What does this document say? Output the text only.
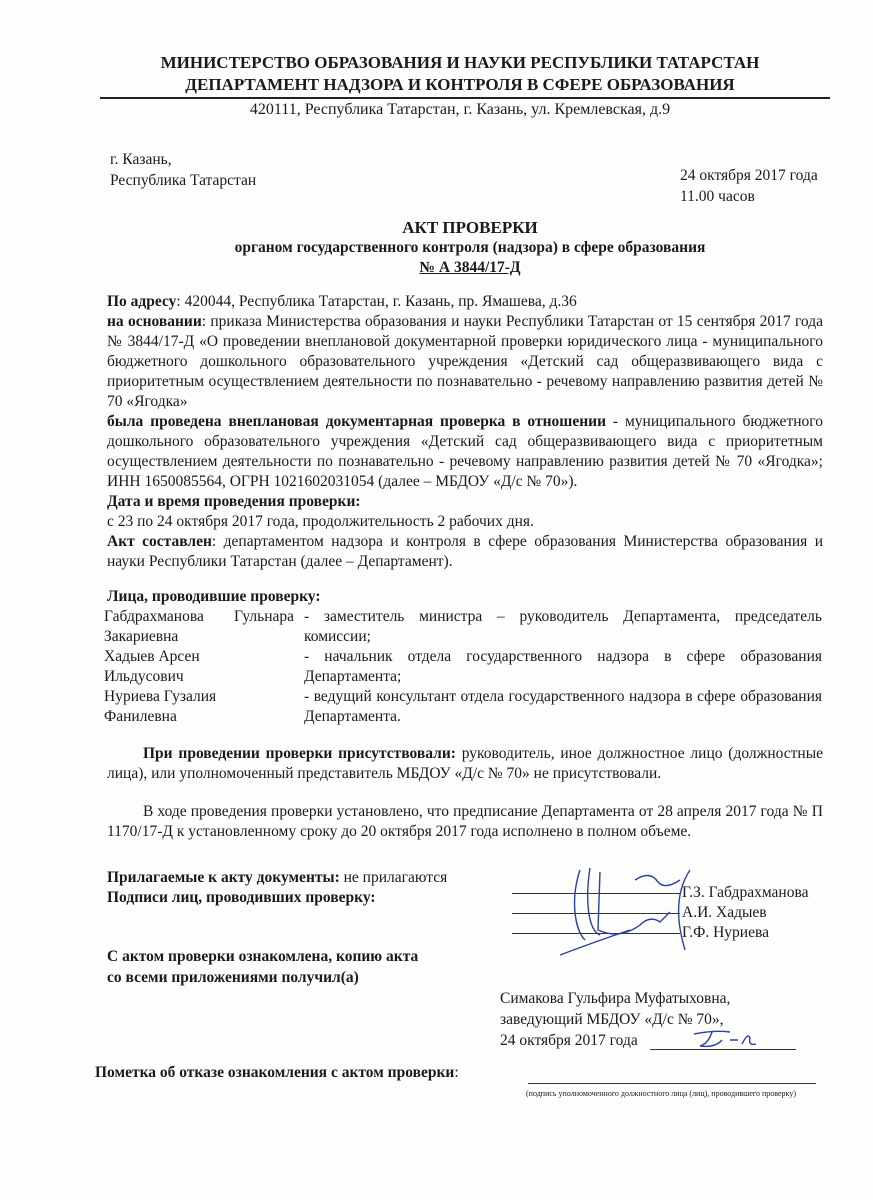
МИНИСТЕРСТВО ОБРАЗОВАНИЯ И НАУКИ РЕСПУБЛИКИ ТАТАРСТАН
ДЕПАРТАМЕНТ НАДЗОРА И КОНТРОЛЯ В СФЕРЕ ОБРАЗОВАНИЯ
420111, Республика Татарстан, г. Казань, ул. Кремлевская, д.9
г. Казань,
Республика Татарстан	24 октября 2017 года
11.00 часов
АКТ ПРОВЕРКИ
органом государственного контроля (надзора) в сфере образования
№ А 3844/17-Д
По адресу: 420044, Республика Татарстан, г. Казань, пр. Ямашева, д.36
на основании: приказа Министерства образования и науки Республики Татарстан от 15 сентября 2017 года № 3844/17-Д «О проведении внеплановой документарной проверки юридического лица - муниципального бюджетного дошкольного образовательного учреждения «Детский сад общеразвивающего вида с приоритетным осуществлением деятельности по познавательно - речевому направлению развития детей № 70 «Ягодка»
была проведена внеплановая документарная проверка в отношении - муниципального бюджетного дошкольного образовательного учреждения «Детский сад общеразвивающего вида с приоритетным осуществлением деятельности по познавательно - речевому направлению развития детей № 70 «Ягодка»; ИНН 1650085564, ОГРН 1021602031054 (далее – МБДОУ «Д/с № 70»).
Дата и время проведения проверки:
с 23 по 24 октября 2017 года, продолжительность 2 рабочих дня.
Акт составлен: департаментом надзора и контроля в сфере образования Министерства образования и науки Республики Татарстан (далее – Департамент).
Лица, проводившие проверку:
Габдрахманова Гульнара Закариевна
- заместитель министра – руководитель Департамента, председатель комиссии;
Хадыев Арсен Ильдусович
- начальник отдела государственного надзора в сфере образования Департамента;
Нуриева Гузалия Фанилевна
- ведущий консультант отдела государственного надзора в сфере образования Департамента.
При проведении проверки присутствовали: руководитель, иное должностное лицо (должностные лица), или уполномоченный представитель МБДОУ «Д/с № 70» не присутствовали.
В ходе проведения проверки установлено, что предписание Департамента от 28 апреля 2017 года № П 1170/17-Д к установленному сроку до 20 октября 2017 года исполнено в полном объеме.
Прилагаемые к акту документы: не прилагаются
Подписи лиц, проводивших проверку:	Г.З. Габдрахманова
А.И. Хадыев
Г.Ф. Нуриева
С актом проверки ознакомлена, копию акта
со всеми приложениями получил(а)
Симакова Гульфира Муфатыховна,
заведующий МБДОУ «Д/с № 70»,
24 октября 2017 года
Пометка об отказе ознакомления с актом проверки:
(подпись уполномоченного должностного лица (лиц), проводившего проверку)
